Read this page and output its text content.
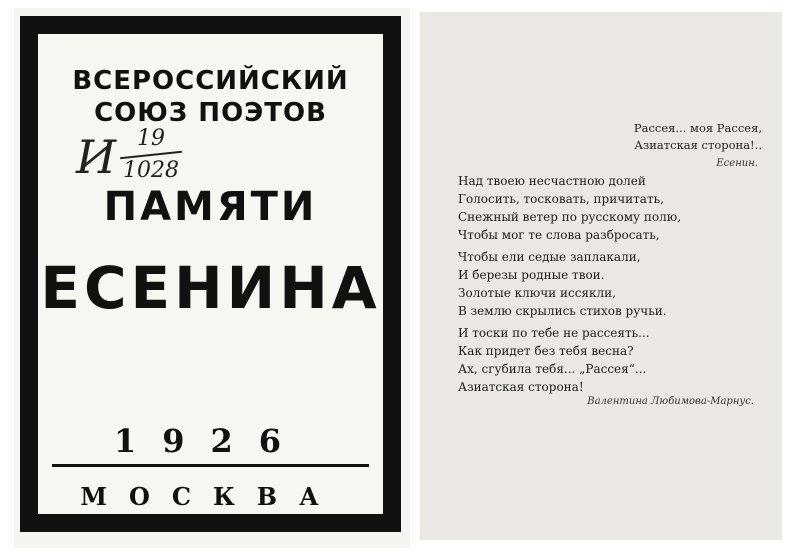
ВСЕРОССИЙСКИЙ
СОЮЗ ПОЭТОВ
И 19
1028
ПАМЯТИ
ЕСЕНИНА
1926
МОСКВА
Рассея... моя Рассея,
Азиатская сторона!..
Есенин.
Над твоею несчастною долей
Голосить, тосковать, причитать,
Снежный ветер по русскому полю,
Чтобы мог те слова разбросать,
Чтобы ели седые заплакали,
И березы родные твои.
Золотые ключи иссякли,
В землю скрылись стихов ручьи.
И тоски по тебе не рассеять...
Как придет без тебя весна?
Ах, сгубила тебя... „Рассея“...
Азиатская сторона!
Валентина Любимова-Марнус.
